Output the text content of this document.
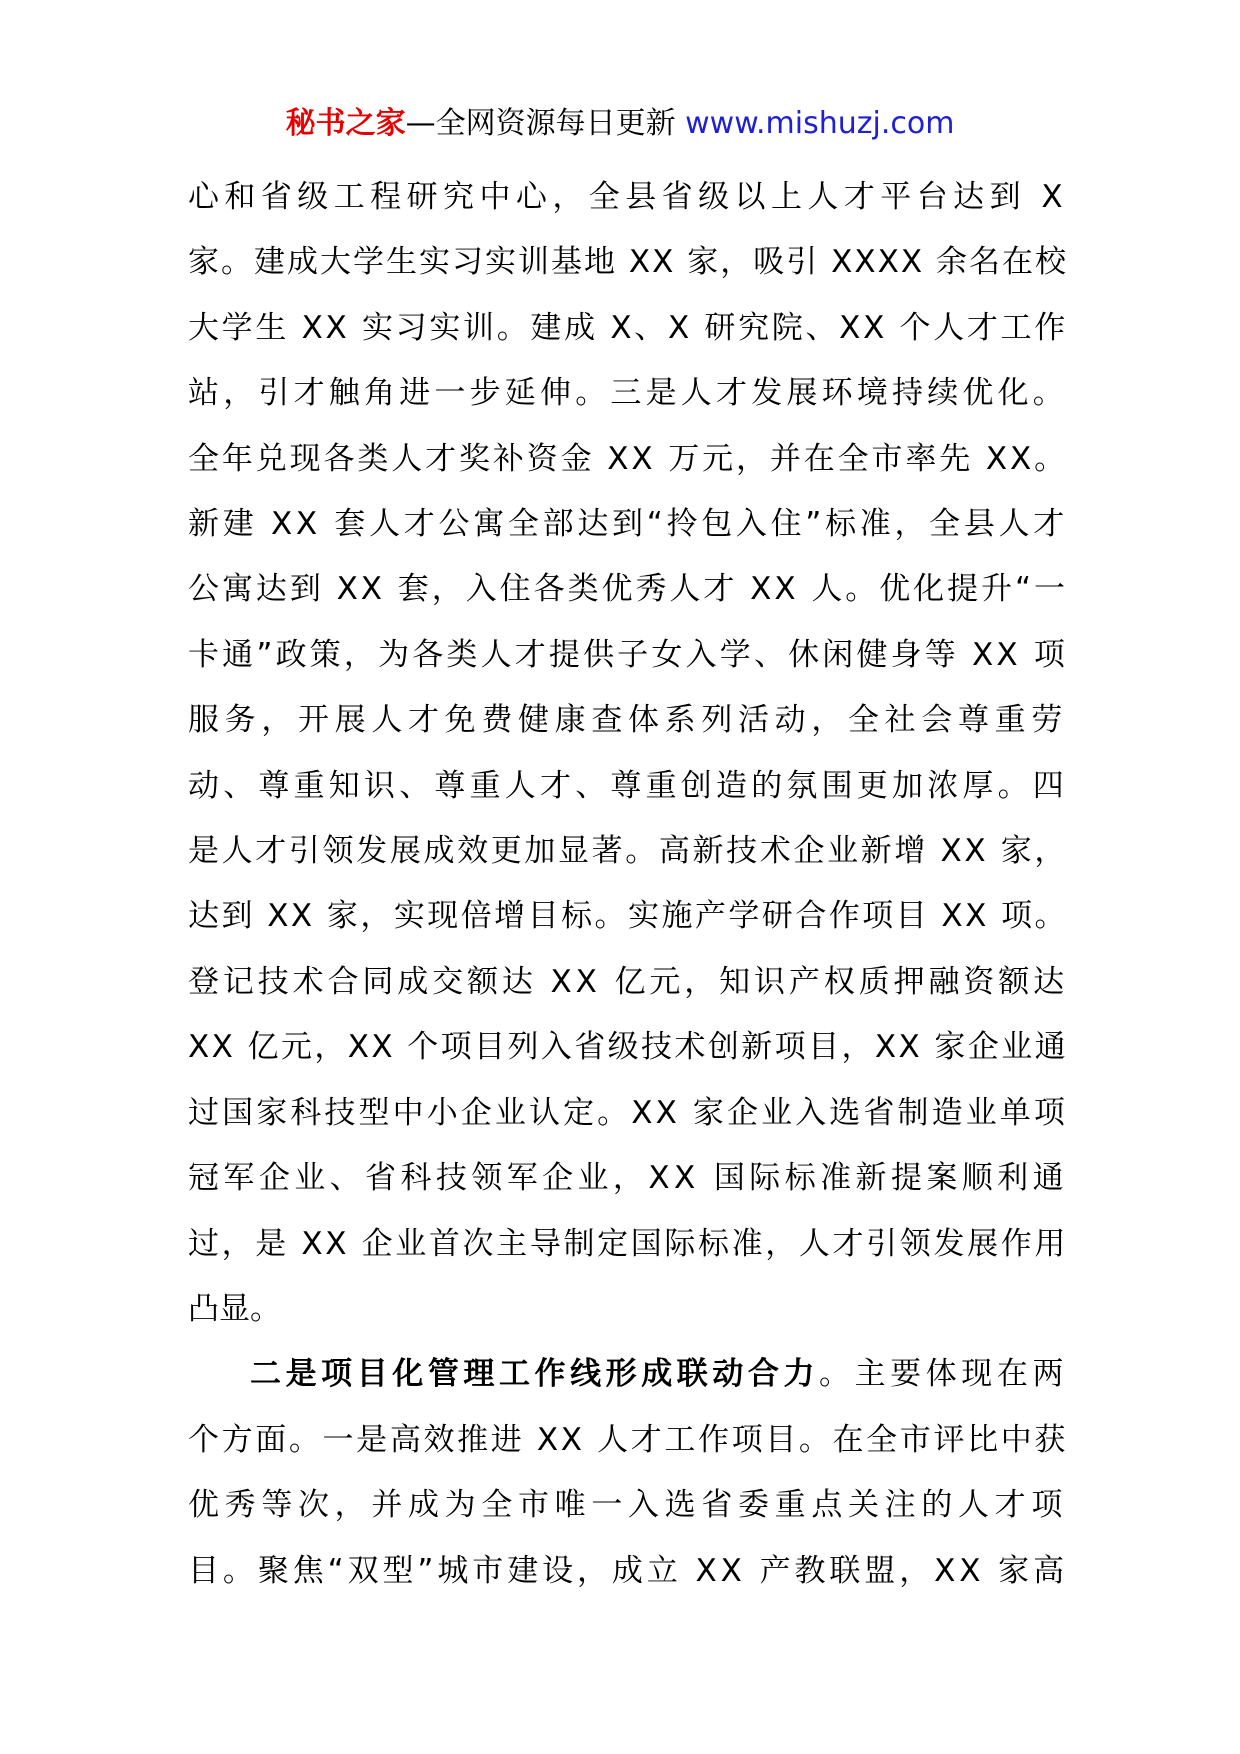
秘书之家—全网资源每日更新 www.mishuzj.com

心和省级工程研究中心，全县省级以上人才平台达到 X
家。建成大学生实习实训基地 XX 家，吸引 XXXX 余名在校
大学生 XX 实习实训。建成 X、X 研究院、XX 个人才工作
站，引才触角进一步延伸。三是人才发展环境持续优化。
全年兑现各类人才奖补资金 XX 万元，并在全市率先 XX。
新建 XX 套人才公寓全部达到“拎包入住”标准，全县人才
公寓达到 XX 套，入住各类优秀人才 XX 人。优化提升“一
卡通”政策，为各类人才提供子女入学、休闲健身等 XX 项
服务，开展人才免费健康查体系列活动，全社会尊重劳
动、尊重知识、尊重人才、尊重创造的氛围更加浓厚。四
是人才引领发展成效更加显著。高新技术企业新增 XX 家，
达到 XX 家，实现倍增目标。实施产学研合作项目 XX 项。
登记技术合同成交额达 XX 亿元，知识产权质押融资额达
XX 亿元，XX 个项目列入省级技术创新项目，XX 家企业通
过国家科技型中小企业认定。XX 家企业入选省制造业单项
冠军企业、省科技领军企业，XX 国际标准新提案顺利通
过，是 XX 企业首次主导制定国际标准，人才引领发展作用
凸显。

二是项目化管理工作线形成联动合力。主要体现在两
个方面。一是高效推进 XX 人才工作项目。在全市评比中获
优秀等次，并成为全市唯一入选省委重点关注的人才项
目。聚焦“双型”城市建设，成立 XX 产教联盟，XX 家高
